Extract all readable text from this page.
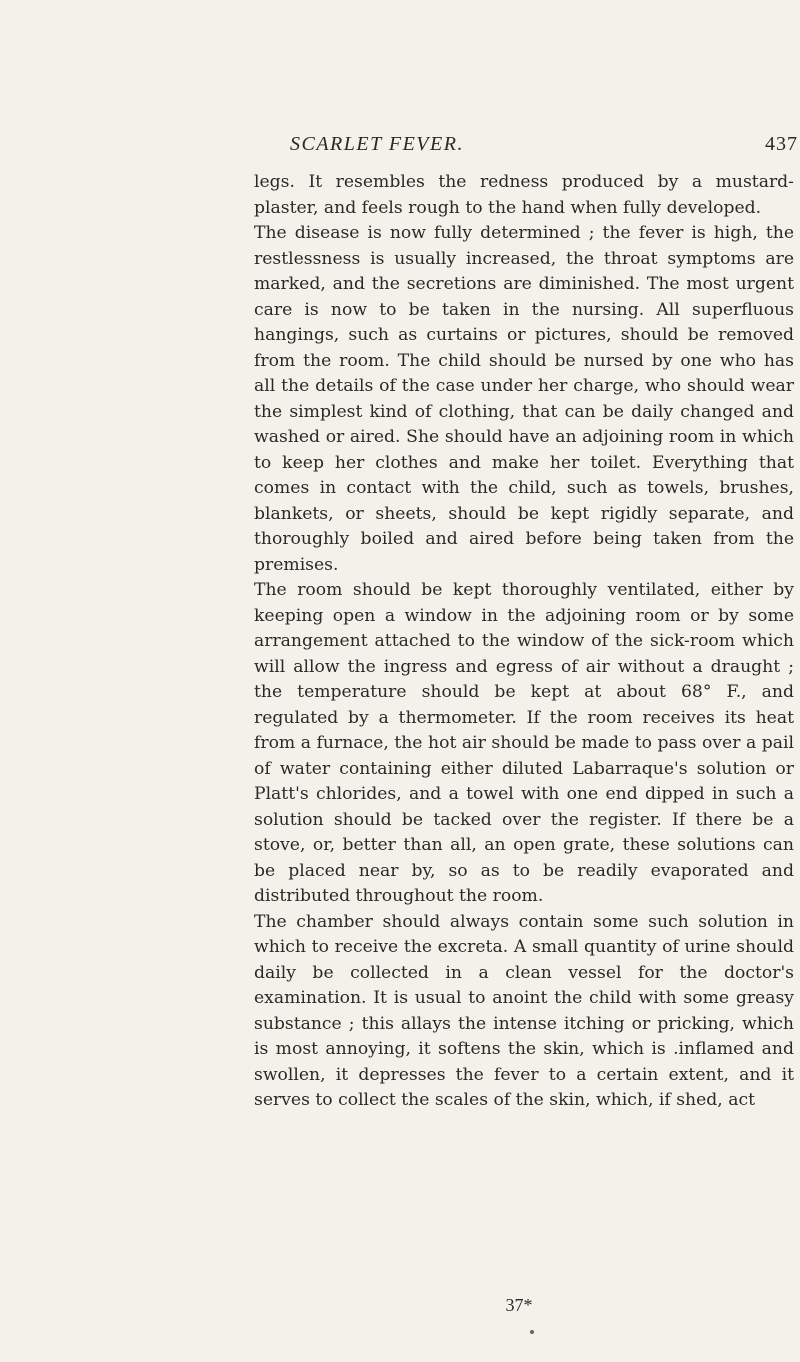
SCARLET FEVER.	437

legs. It resembles the redness produced by a mustard-plaster, and feels rough to the hand when fully developed.

The disease is now fully determined ; the fever is high, the restlessness is usually increased, the throat symptoms are marked, and the secretions are diminished. The most urgent care is now to be taken in the nursing. All superfluous hangings, such as curtains or pictures, should be removed from the room. The child should be nursed by one who has all the details of the case under her charge, who should wear the simplest kind of clothing, that can be daily changed and washed or aired. She should have an adjoining room in which to keep her clothes and make her toilet. Everything that comes in contact with the child, such as towels, brushes, blankets, or sheets, should be kept rigidly separate, and thoroughly boiled and aired before being taken from the premises.

The room should be kept thoroughly ventilated, either by keeping open a window in the adjoining room or by some arrangement attached to the window of the sick-room which will allow the ingress and egress of air without a draught ; the temperature should be kept at about 68° F., and regulated by a thermometer. If the room receives its heat from a furnace, the hot air should be made to pass over a pail of water containing either diluted Labarraque's solution or Platt's chlorides, and a towel with one end dipped in such a solution should be tacked over the register. If there be a stove, or, better than all, an open grate, these solutions can be placed near by, so as to be readily evaporated and distributed throughout the room.

The chamber should always contain some such solution in which to receive the excreta. A small quantity of urine should daily be collected in a clean vessel for the doctor's examination. It is usual to anoint the child with some greasy substance ; this allays the intense itching or pricking, which is most annoying, it softens the skin, which is .inflamed and swollen, it depresses the fever to a certain extent, and it serves to collect the scales of the skin, which, if shed, act

37*
